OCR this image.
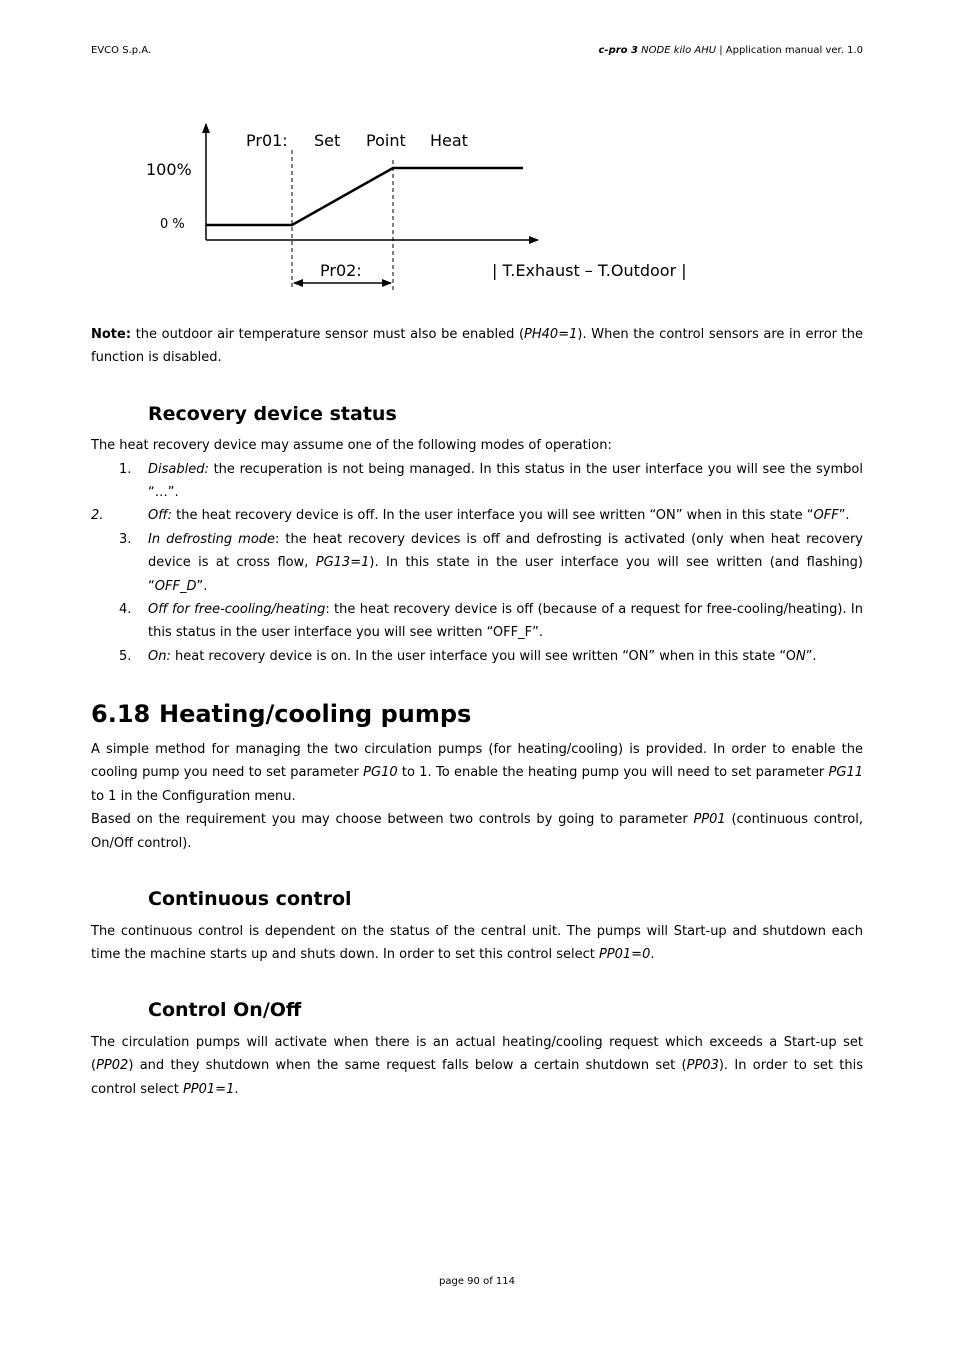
EVCO S.p.A.	c-pro 3 NODE kilo AHU | Application manual ver. 1.0
Pr01: Set Point Heat
100%
0 %
Pr02:	| T.Exhaust – T.Outdoor |
Note: the outdoor air temperature sensor must also be enabled (PH40=1). When the control sensors are in error the function is disabled.
Recovery device status
The heat recovery device may assume one of the following modes of operation:
1. Disabled: the recuperation is not being managed. In this status in the user interface you will see the symbol “…”.
2.	Off: the heat recovery device is off. In the user interface you will see written “ON” when in this state “OFF”.
3. In defrosting mode: the heat recovery devices is off and defrosting is activated (only when heat recovery device is at cross flow, PG13=1). In this state in the user interface you will see written (and flashing) “OFF_D”.
4. Off for free-cooling/heating: the heat recovery device is off (because of a request for free-cooling/heating). In this status in the user interface you will see written “OFF_F”.
5. On: heat recovery device is on. In the user interface you will see written “ON” when in this state “ON”.
6.18 Heating/cooling pumps
A simple method for managing the two circulation pumps (for heating/cooling) is provided. In order to enable the cooling pump you need to set parameter PG10 to 1. To enable the heating pump you will need to set parameter PG11 to 1 in the Configuration menu.
Based on the requirement you may choose between two controls by going to parameter PP01 (continuous control, On/Off control).
Continuous control
The continuous control is dependent on the status of the central unit. The pumps will Start-up and shutdown each time the machine starts up and shuts down. In order to set this control select PP01=0.
Control On/Off
The circulation pumps will activate when there is an actual heating/cooling request which exceeds a Start-up set (PP02) and they shutdown when the same request falls below a certain shutdown set (PP03). In order to set this control select PP01=1.
page 90 of 114
